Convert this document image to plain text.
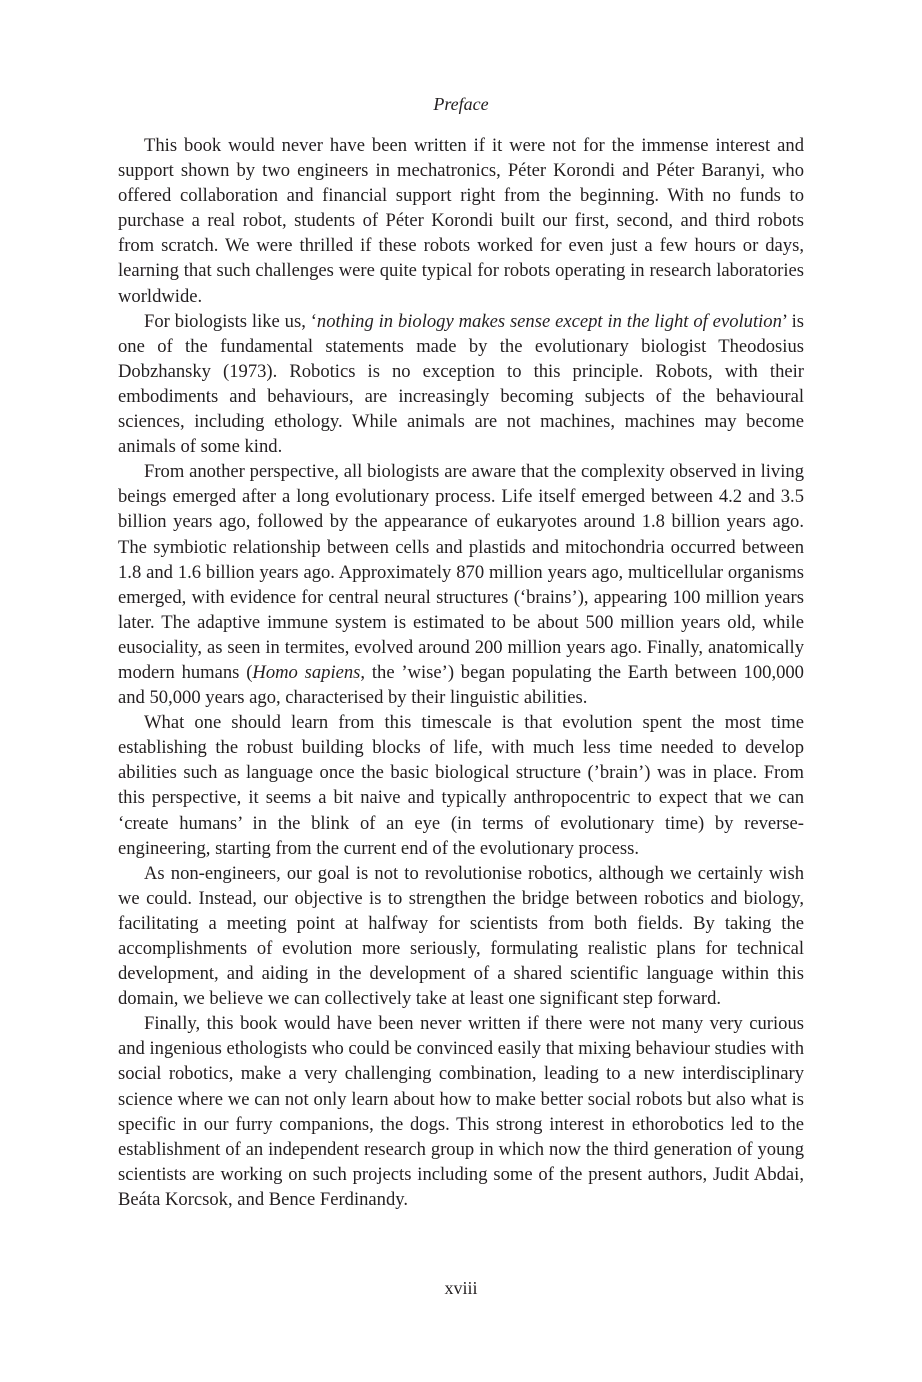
Preface

This book would never have been written if it were not for the immense interest and support shown by two engineers in mechatronics, Péter Korondi and Péter Baranyi, who offered collaboration and financial support right from the beginning. With no funds to purchase a real robot, students of Péter Korondi built our first, second, and third robots from scratch. We were thrilled if these robots worked for even just a few hours or days, learning that such challenges were quite typical for robots operating in research laboratories worldwide.

For biologists like us, ‘nothing in biology makes sense except in the light of evolution’ is one of the fundamental statements made by the evolutionary biologist Theodosius Dobzhansky (1973). Robotics is no exception to this principle. Robots, with their embodiments and behaviours, are increasingly becoming subjects of the behavioural sciences, including ethology. While animals are not machines, machines may become animals of some kind.

From another perspective, all biologists are aware that the complexity observed in living beings emerged after a long evolutionary process. Life itself emerged between 4.2 and 3.5 billion years ago, followed by the appearance of eukaryotes around 1.8 billion years ago. The symbiotic relationship between cells and plastids and mitochondria occurred between 1.8 and 1.6 billion years ago. Approximately 870 million years ago, multicellular organisms emerged, with evidence for central neural structures (‘brains’), appearing 100 million years later. The adaptive immune system is estimated to be about 500 million years old, while eusociality, as seen in termites, evolved around 200 million years ago. Finally, anatomically modern humans (Homo sapiens, the ’wise’) began populating the Earth between 100,000 and 50,000 years ago, characterised by their linguistic abilities.

What one should learn from this timescale is that evolution spent the most time establishing the robust building blocks of life, with much less time needed to develop abilities such as language once the basic biological structure (’brain’) was in place. From this perspective, it seems a bit naive and typically anthropocentric to expect that we can ‘create humans’ in the blink of an eye (in terms of evolutionary time) by reverse-engineering, starting from the current end of the evolutionary process.

As non-engineers, our goal is not to revolutionise robotics, although we certainly wish we could. Instead, our objective is to strengthen the bridge between robotics and biology, facilitating a meeting point at halfway for scientists from both fields. By taking the accomplishments of evolution more seriously, formulating realistic plans for technical development, and aiding in the development of a shared scientific language within this domain, we believe we can collectively take at least one significant step forward.

Finally, this book would have been never written if there were not many very curious and ingenious ethologists who could be convinced easily that mixing behaviour studies with social robotics, make a very challenging combination, leading to a new interdisciplinary science where we can not only learn about how to make better social robots but also what is specific in our furry companions, the dogs. This strong interest in ethorobotics led to the establishment of an independent research group in which now the third generation of young scientists are working on such projects including some of the present authors, Judit Abdai, Beáta Korcsok, and Bence Ferdinandy.

xviii
